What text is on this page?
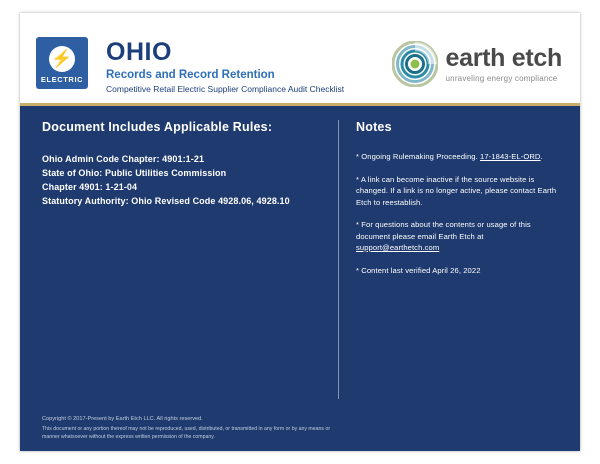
⚡
ELECTRIC
OHIO
Records and Record Retention
Competitive Retail Electric Supplier Compliance Audit Checklist
earth etch
unraveling energy compliance
Document Includes Applicable Rules:
Ohio Admin Code Chapter: 4901:1-21
State of Ohio: Public Utilities Commission
Chapter 4901: 1-21-04
Statutory Authority: Ohio Revised Code 4928.06, 4928.10
Notes
* Ongoing Rulemaking Proceeding. 17-1843-EL-ORD.
* A link can become inactive if the source website is changed. If a link is no longer active, please contact Earth Etch to reestablish.
* For questions about the contents or usage of this document please email Earth Etch at support@earthetch.com
* Content last verified April 26, 2022
Copyright © 2017-Present by Earth Etch LLC. All rights reserved.
This document or any portion thereof may not be reproduced, used, distributed, or transmitted in any form or by any means or manner whatsoever without the express written permission of the company.
